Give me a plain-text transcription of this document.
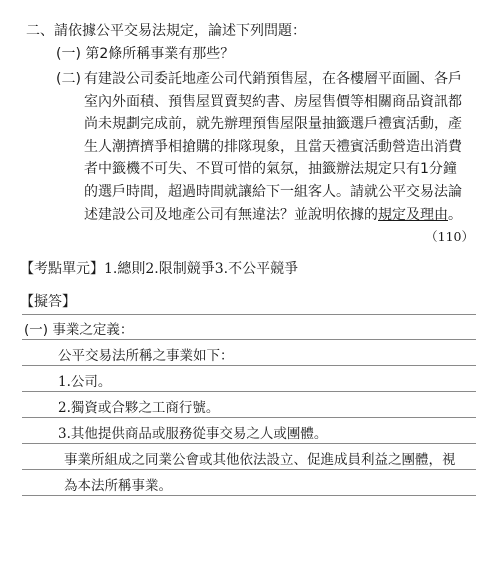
二、請依據公平交易法規定，論述下列問題：
(一) 第2條所稱事業有那些？
(二) 有建設公司委託地產公司代銷預售屋，在各樓層平面圖、各戶

室內外面積、預售屋買賣契約書、房屋售價等相關商品資訊都

尚未規劃完成前，就先辦理預售屋限量抽籤選戶禮賓活動，產

生人潮擠擠爭相搶購的排隊現象，且當天禮賓活動營造出消費

者中籤機不可失、不買可惜的氣氛，抽籤辦法規定只有1分鐘

的選戶時間，超過時間就讓給下一組客人。請就公平交易法論

述建設公司及地產公司有無違法？並說明依據的規定及理由。

（110）
【考點單元】1.總則2.限制競爭3.不公平競爭
【擬答】
(一) 事業之定義：
公平交易法所稱之事業如下：
1.公司。
2.獨資或合夥之工商行號。
3.其他提供商品或服務從事交易之人或團體。
事業所組成之同業公會或其他依法設立、促進成員利益之團體，視
為本法所稱事業。
